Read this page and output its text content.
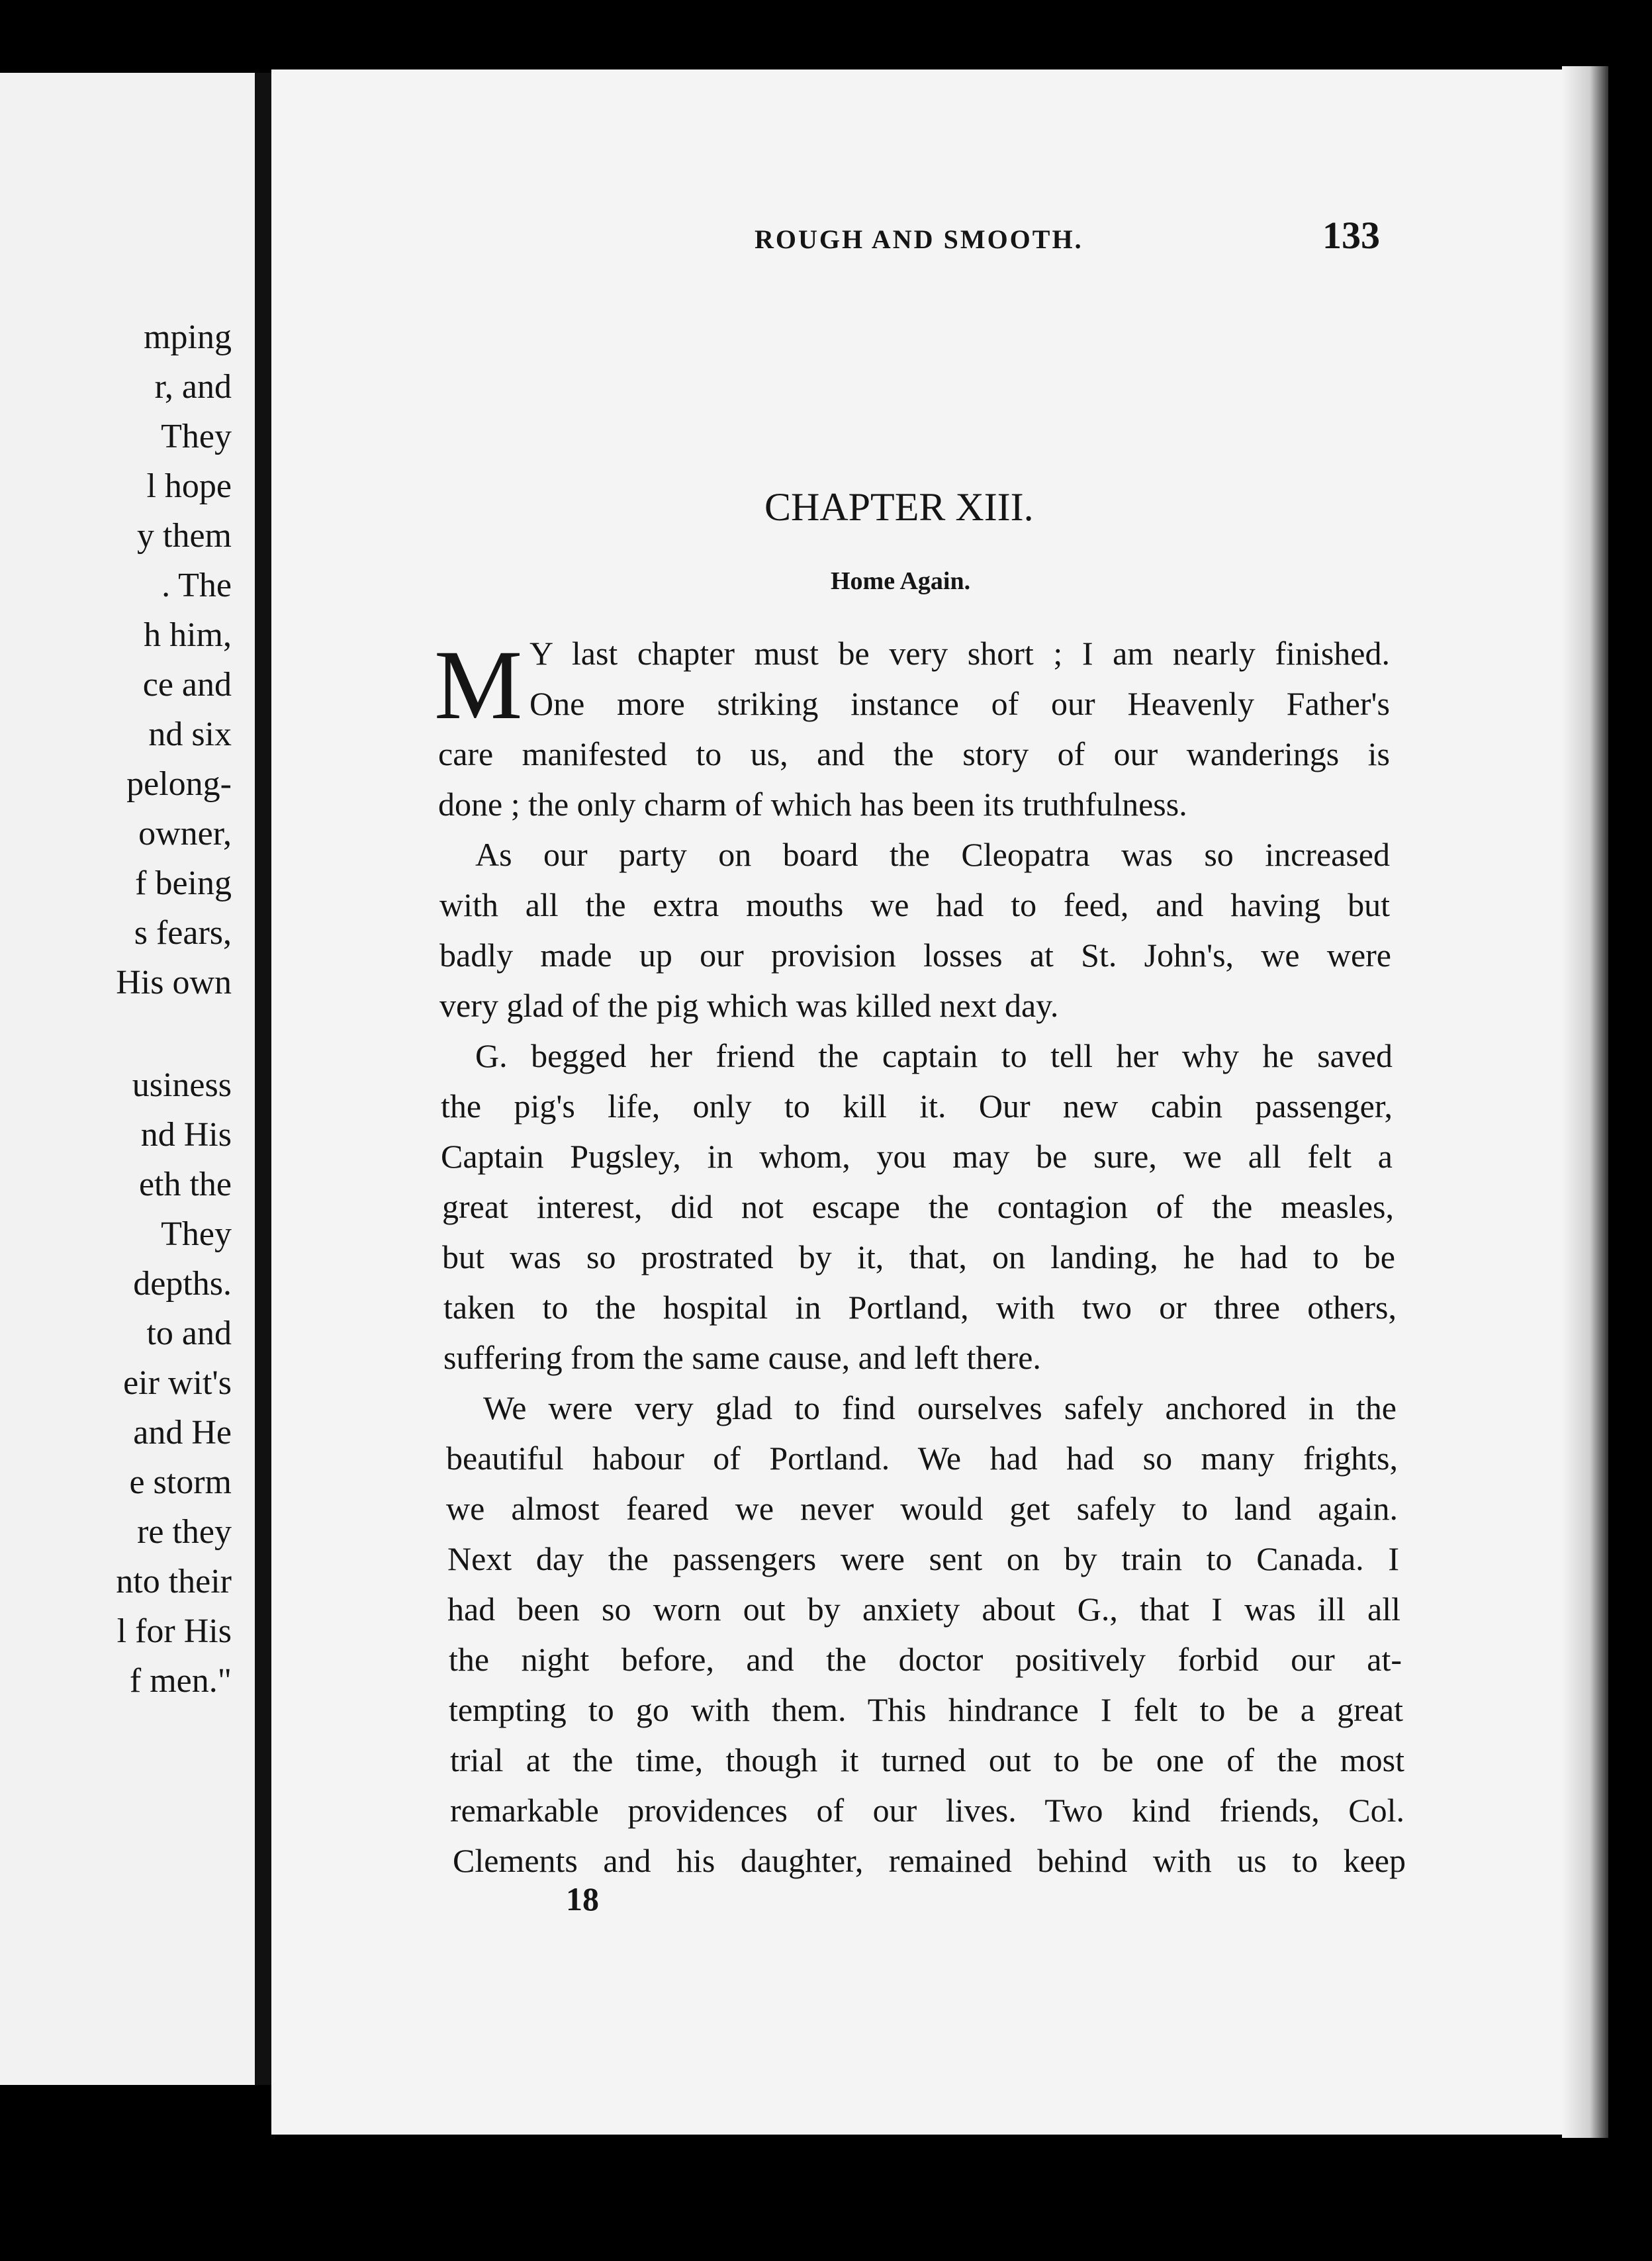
mping
r, and
They
l hope
y them
. The
h him,
ce and
nd six
pelong-
owner,
f being
s fears,
His own
usiness
nd His
eth the
They
depths.
to and
eir wit's
and He
e storm
re they
nto their
l for His
f men."
ROUGH AND SMOOTH.	133
CHAPTER XIII.
Home Again.
M Y last chapter must be very short ; I am nearly finished.
One more striking instance of our Heavenly Father's
care manifested to us, and the story of our wanderings is
done ; the only charm of which has been its truthfulness.
As our party on board the Cleopatra was so increased
with all the extra mouths we had to feed, and having but
badly made up our provision losses at St. John's, we were
very glad of the pig which was killed next day.
G. begged her friend the captain to tell her why he saved
the pig's life, only to kill it. Our new cabin passenger,
Captain Pugsley, in whom, you may be sure, we all felt a
great interest, did not escape the contagion of the measles,
but was so prostrated by it, that, on landing, he had to be
taken to the hospital in Portland, with two or three others,
suffering from the same cause, and left there.
We were very glad to find ourselves safely anchored in the
beautiful habour of Portland. We had had so many frights,
we almost feared we never would get safely to land again.
Next day the passengers were sent on by train to Canada. I
had been so worn out by anxiety about G., that I was ill all
the night before, and the doctor positively forbid our at-
tempting to go with them. This hindrance I felt to be a great
trial at the time, though it turned out to be one of the most
remarkable providences of our lives. Two kind friends, Col.
Clements and his daughter, remained behind with us to keep
18
